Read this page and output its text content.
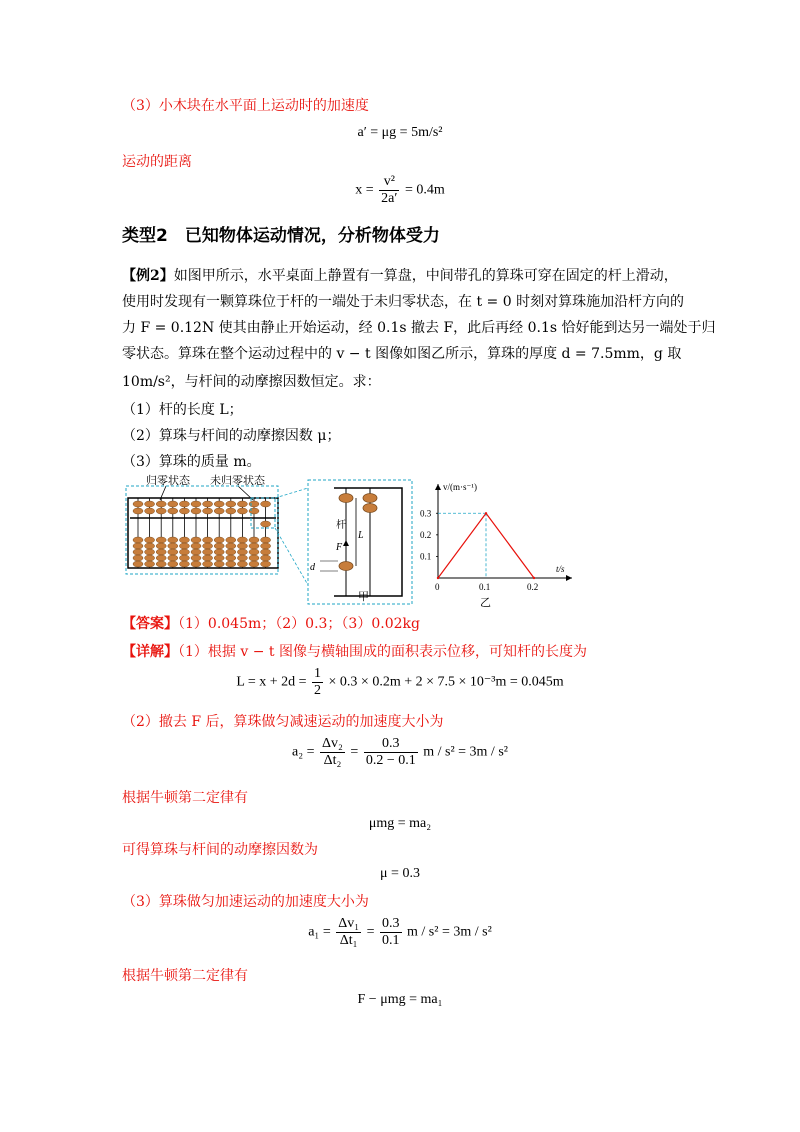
（3）小木块在水平面上运动时的加速度
a′ = μg = 5m/s²
运动的距离
$x = \frac{\text{v²}}{2a'} = 0.4m$
类型2　已知物体运动情况，分析物体受力
【例2】如图甲所示，水平桌面上静置有一算盘，中间带孔的算珠可穿在固定的杆上滑动，
使用时发现有一颗算珠位于杆的一端处于未归零状态，在 t = 0 时刻对算珠施加沿杆方向的
力 F = 0.12N 使其由静止开始运动，经 0.1s 撤去 F，此后再经 0.1s 恰好能到达另一端处于归
零状态。算珠在整个运动过程中的 v − t 图像如图乙所示，算珠的厚度 d = 7.5mm，g 取
10m/s²，与杆间的动摩擦因数恒定。求：
（1）杆的长度 L；
（2）算珠与杆间的动摩擦因数 μ；
（3）算珠的质量 m。
归零状态 未归零状态
甲
L
杆
F
d
v/(m·s⁻¹)
t/s
0.1
0.2
0.3
0	0.1	0.2
乙
【答案】（1）0.045m；（2）0.3；（3）0.02kg
【详解】（1）根据 v − t 图像与横轴围成的面积表示位移，可知杆的长度为
$L = x + 2d = \frac{1}{2} \times 0.3 \times 0.2m + 2 \times 7.5 \times 10^{-3}m = 0.045m$
（2）撤去 F 后，算珠做匀减速运动的加速度大小为
$a_2 = \frac{\text{Δv₂}}{\text{Δt₂}} = \frac{0.3}{0.2 - 0.1}$ m / s² = 3m / s²
根据牛顿第二定律有
μmg = ma₂
可得算珠与杆间的动摩擦因数为
μ = 0.3
（3）算珠做匀加速运动的加速度大小为
$a_1 = \frac{\text{Δv₁}}{\text{Δt₁}} = \frac{0.3}{0.1}$ m / s² = 3m / s²
根据牛顿第二定律有
F − μmg = ma₁
